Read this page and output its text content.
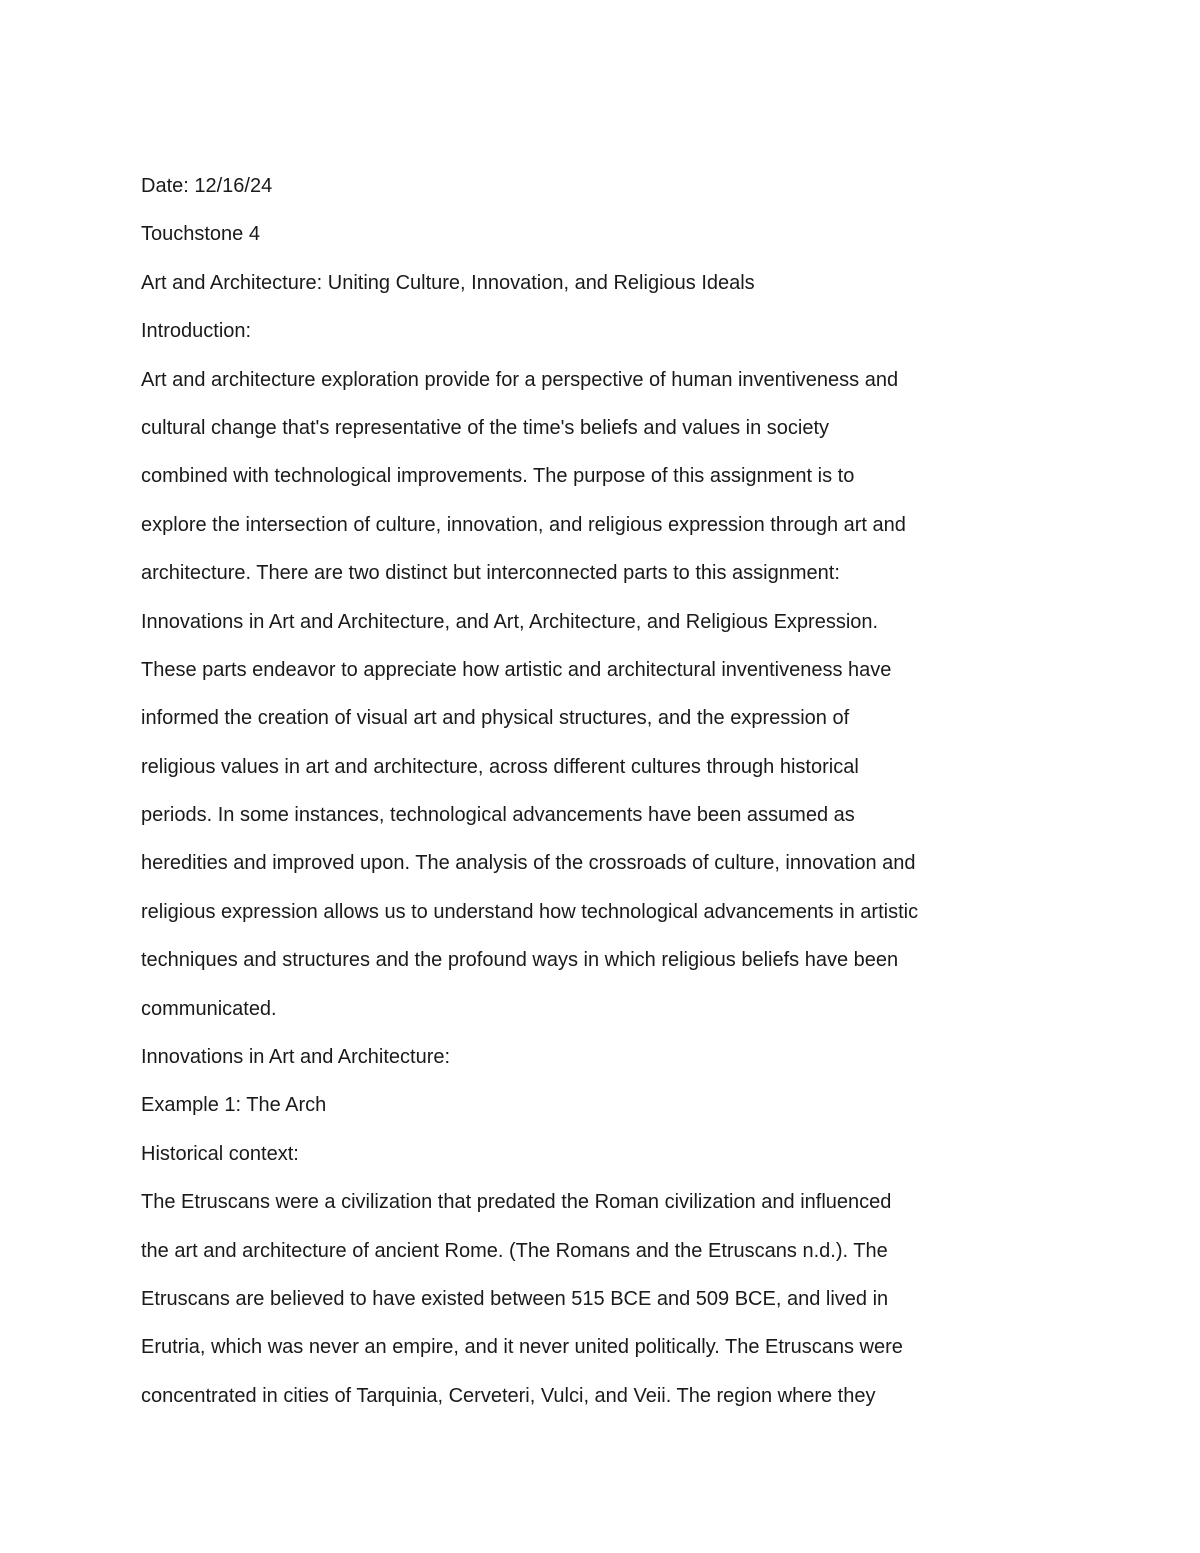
Date: 12/16/24
Touchstone 4
Art and Architecture: Uniting Culture, Innovation, and Religious Ideals
Introduction:
Art and architecture exploration provide for a perspective of human inventiveness and
cultural change that's representative of the time's beliefs and values in society
combined with technological improvements. The purpose of this assignment is to
explore the intersection of culture, innovation, and religious expression through art and
architecture. There are two distinct but interconnected parts to this assignment:
Innovations in Art and Architecture, and Art, Architecture, and Religious Expression.
These parts endeavor to appreciate how artistic and architectural inventiveness have
informed the creation of visual art and physical structures, and the expression of
religious values in art and architecture, across different cultures through historical
periods. In some instances, technological advancements have been assumed as
heredities and improved upon. The analysis of the crossroads of culture, innovation and
religious expression allows us to understand how technological advancements in artistic
techniques and structures and the profound ways in which religious beliefs have been
communicated.
Innovations in Art and Architecture:
Example 1: The Arch
Historical context:
The Etruscans were a civilization that predated the Roman civilization and influenced
the art and architecture of ancient Rome. (The Romans and the Etruscans n.d.). The
Etruscans are believed to have existed between 515 BCE and 509 BCE, and lived in
Erutria, which was never an empire, and it never united politically. The Etruscans were
concentrated in cities of Tarquinia, Cerveteri, Vulci, and Veii. The region where they
